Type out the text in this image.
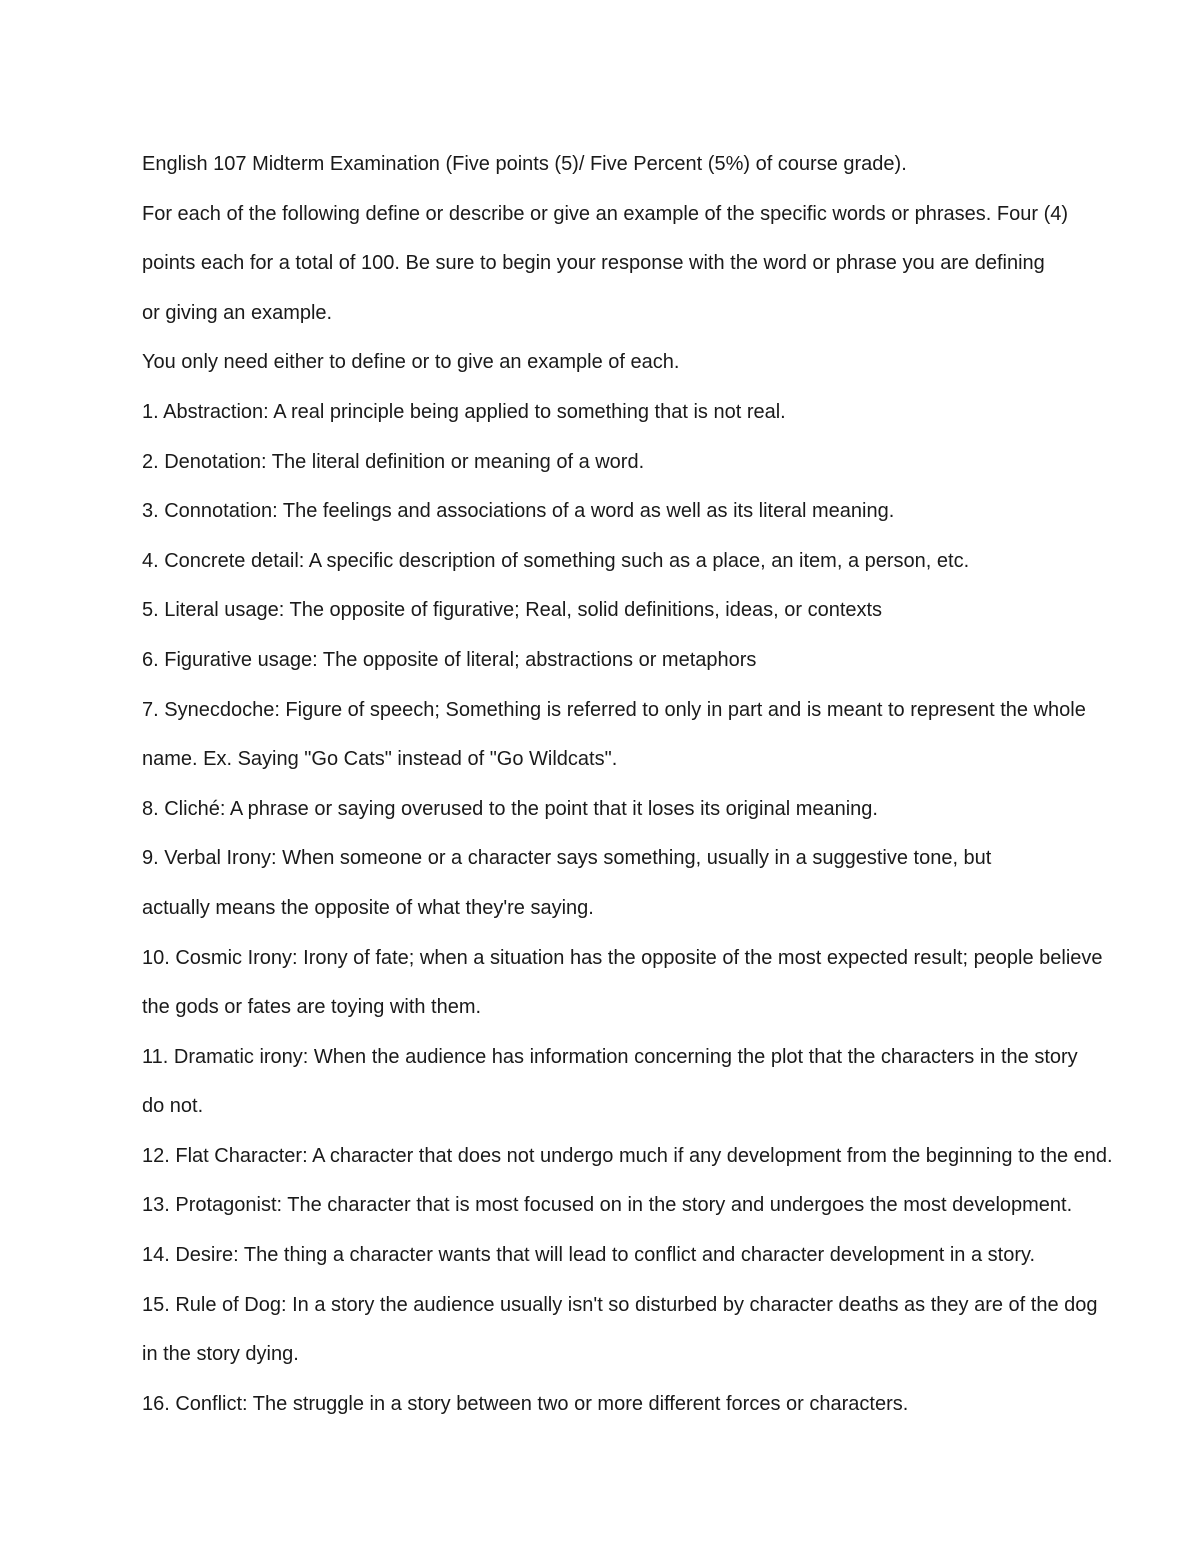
English 107 Midterm Examination (Five points (5)/ Five Percent (5%) of course grade).
For each of the following define or describe or give an example of the specific words or phrases. Four (4)
points each for a total of 100. Be sure to begin your response with the word or phrase you are defining
or giving an example.
You only need either to define or to give an example of each.
1. Abstraction: A real principle being applied to something that is not real.
2. Denotation: The literal definition or meaning of a word.
3. Connotation: The feelings and associations of a word as well as its literal meaning.
4. Concrete detail: A specific description of something such as a place, an item, a person, etc.
5. Literal usage: The opposite of figurative; Real, solid definitions, ideas, or contexts
6. Figurative usage: The opposite of literal; abstractions or metaphors
7. Synecdoche: Figure of speech; Something is referred to only in part and is meant to represent the whole
name. Ex. Saying "Go Cats" instead of "Go Wildcats".
8. Cliché: A phrase or saying overused to the point that it loses its original meaning.
9. Verbal Irony: When someone or a character says something, usually in a suggestive tone, but
actually means the opposite of what they're saying.
10. Cosmic Irony: Irony of fate; when a situation has the opposite of the most expected result; people believe
the gods or fates are toying with them.
11. Dramatic irony: When the audience has information concerning the plot that the characters in the story
do not.
12. Flat Character: A character that does not undergo much if any development from the beginning to the end.
13. Protagonist: The character that is most focused on in the story and undergoes the most development.
14. Desire: The thing a character wants that will lead to conflict and character development in a story.
15. Rule of Dog: In a story the audience usually isn't so disturbed by character deaths as they are of the dog
in the story dying.
16. Conflict: The struggle in a story between two or more different forces or characters.
